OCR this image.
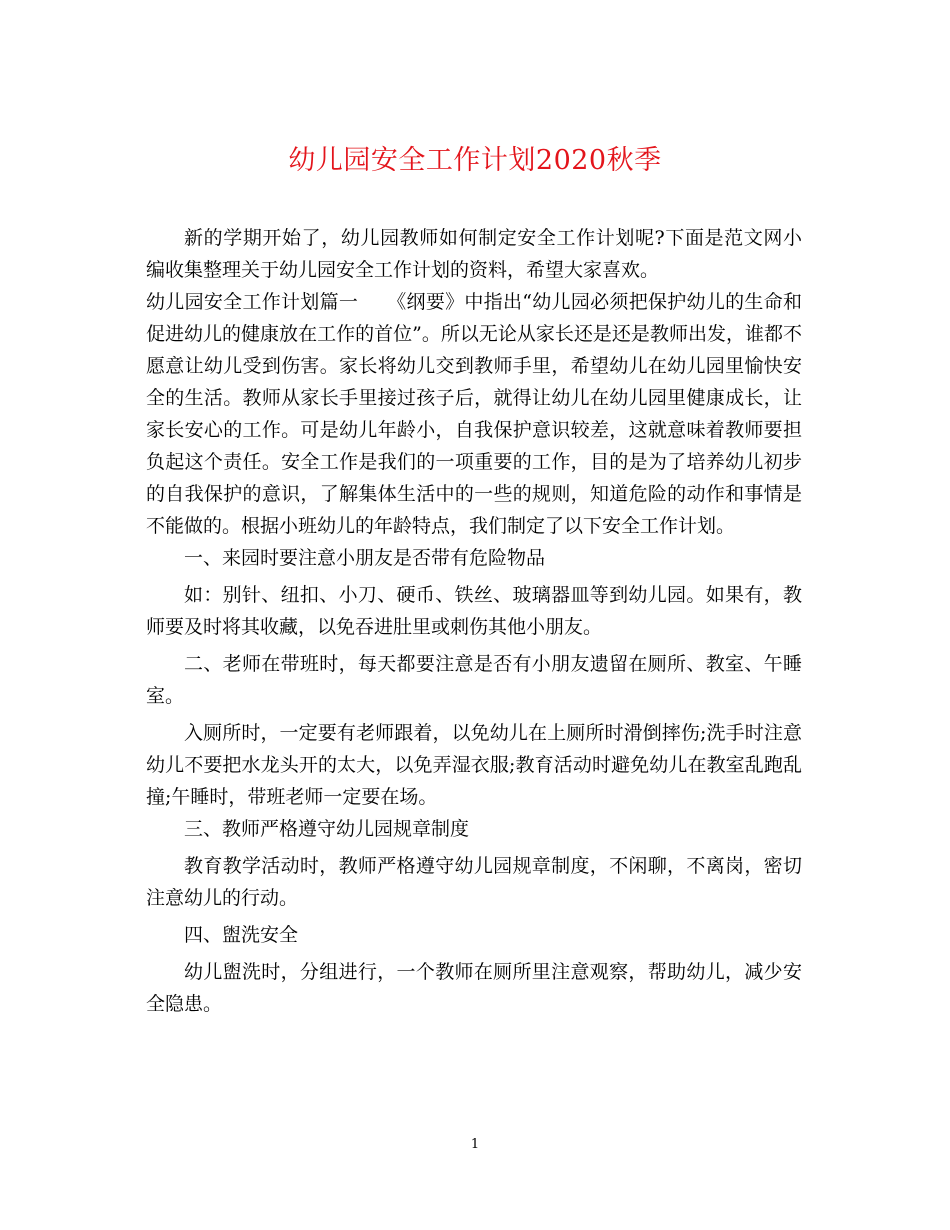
幼儿园安全工作计划2020秋季

新的学期开始了，幼儿园教师如何制定安全工作计划呢?下面是范文网小编收集整理关于幼儿园安全工作计划的资料，希望大家喜欢。

幼儿园安全工作计划篇一　　《纲要》中指出“幼儿园必须把保护幼儿的生命和促进幼儿的健康放在工作的首位”。所以无论从家长还是还是教师出发，谁都不愿意让幼儿受到伤害。家长将幼儿交到教师手里，希望幼儿在幼儿园里愉快安全的生活。教师从家长手里接过孩子后，就得让幼儿在幼儿园里健康成长，让家长安心的工作。可是幼儿年龄小，自我保护意识较差，这就意味着教师要担负起这个责任。安全工作是我们的一项重要的工作，目的是为了培养幼儿初步的自我保护的意识，了解集体生活中的一些的规则，知道危险的动作和事情是不能做的。根据小班幼儿的年龄特点，我们制定了以下安全工作计划。

一、来园时要注意小朋友是否带有危险物品

如：别针、纽扣、小刀、硬币、铁丝、玻璃器皿等到幼儿园。如果有，教师要及时将其收藏，以免吞进肚里或刺伤其他小朋友。

二、老师在带班时，每天都要注意是否有小朋友遗留在厕所、教室、午睡室。

入厕所时，一定要有老师跟着，以免幼儿在上厕所时滑倒摔伤;洗手时注意幼儿不要把水龙头开的太大，以免弄湿衣服;教育活动时避免幼儿在教室乱跑乱撞;午睡时，带班老师一定要在场。

三、教师严格遵守幼儿园规章制度

教育教学活动时，教师严格遵守幼儿园规章制度，不闲聊，不离岗，密切注意幼儿的行动。

四、盥洗安全

幼儿盥洗时，分组进行，一个教师在厕所里注意观察，帮助幼儿，减少安全隐患。

1
